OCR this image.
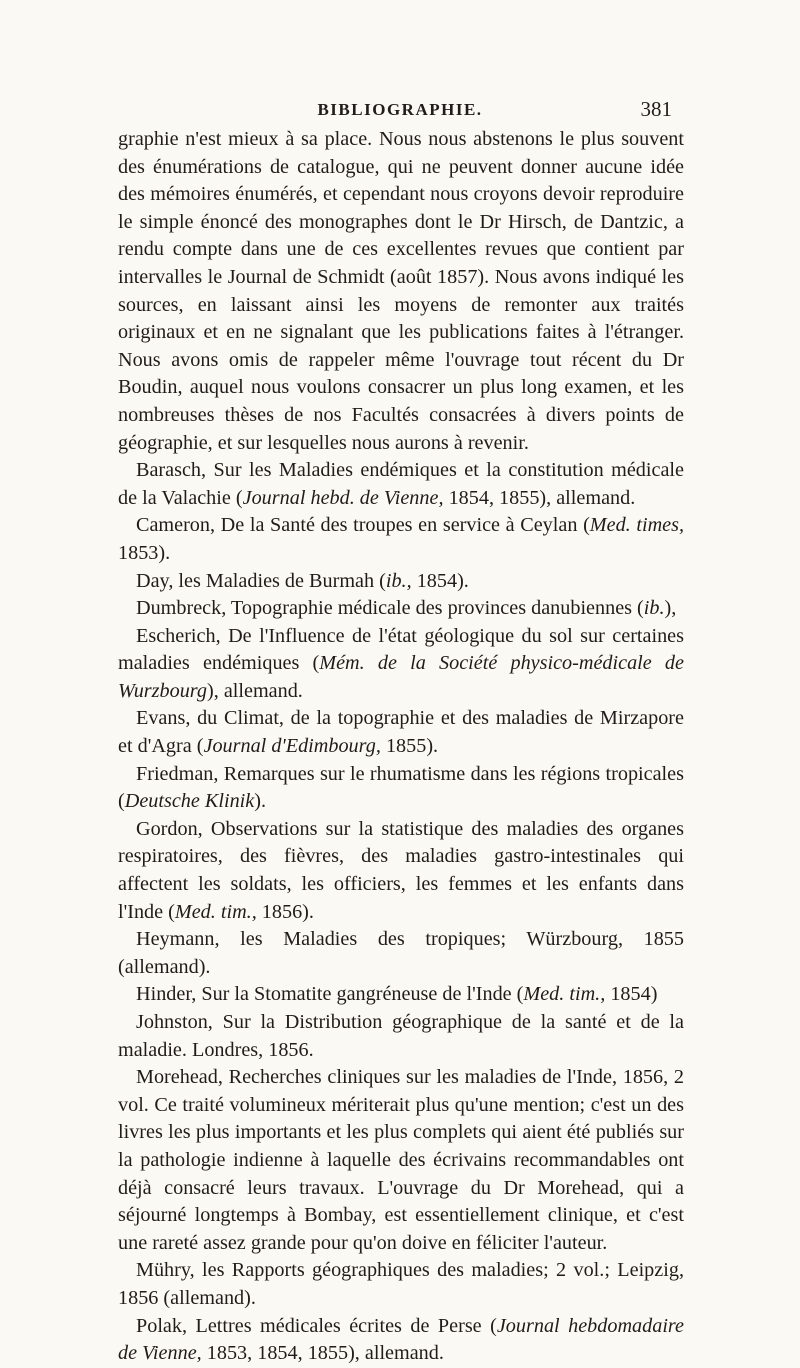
BIBLIOGRAPHIE.	381

graphie n'est mieux à sa place. Nous nous abstenons le plus souvent des énumérations de catalogue, qui ne peuvent donner aucune idée des mémoires énumérés, et cependant nous croyons devoir reproduire le simple énoncé des monographes dont le Dr Hirsch, de Dantzic, a rendu compte dans une de ces excellentes revues que contient par intervalles le Journal de Schmidt (août 1857). Nous avons indiqué les sources, en laissant ainsi les moyens de remonter aux traités originaux et en ne signalant que les publications faites à l'étranger. Nous avons omis de rappeler même l'ouvrage tout récent du Dr Boudin, auquel nous voulons consacrer un plus long examen, et les nombreuses thèses de nos Facultés consacrées à divers points de géographie, et sur lesquelles nous aurons à revenir.

Barasch, Sur les Maladies endémiques et la constitution médicale de la Valachie (Journal hebd. de Vienne, 1854, 1855), allemand.

Cameron, De la Santé des troupes en service à Ceylan (Med. times, 1853).

Day, les Maladies de Burmah (ib., 1854).

Dumbreck, Topographie médicale des provinces danubiennes (ib.),

Escherich, De l'Influence de l'état géologique du sol sur certaines maladies endémiques (Mém. de la Société physico-médicale de Wurzbourg), allemand.

Evans, du Climat, de la topographie et des maladies de Mirzapore et d'Agra (Journal d'Edimbourg, 1855).

Friedman, Remarques sur le rhumatisme dans les régions tropicales (Deutsche Klinik).

Gordon, Observations sur la statistique des maladies des organes respiratoires, des fièvres, des maladies gastro-intestinales qui affectent les soldats, les officiers, les femmes et les enfants dans l'Inde (Med. tim., 1856).

Heymann, les Maladies des tropiques; Würzbourg, 1855 (allemand).

Hinder, Sur la Stomatite gangréneuse de l'Inde (Med. tim., 1854)

Johnston, Sur la Distribution géographique de la santé et de la maladie. Londres, 1856.

Morehead, Recherches cliniques sur les maladies de l'Inde, 1856, 2 vol. Ce traité volumineux mériterait plus qu'une mention; c'est un des livres les plus importants et les plus complets qui aient été publiés sur la pathologie indienne à laquelle des écrivains recommandables ont déjà consacré leurs travaux. L'ouvrage du Dr Morehead, qui a séjourné longtemps à Bombay, est essentiellement clinique, et c'est une rareté assez grande pour qu'on doive en féliciter l'auteur.

Mühry, les Rapports géographiques des maladies; 2 vol.; Leipzig, 1856 (allemand).

Polak, Lettres médicales écrites de Perse (Journal hebdomadaire de Vienne, 1853, 1854, 1855), allemand.
